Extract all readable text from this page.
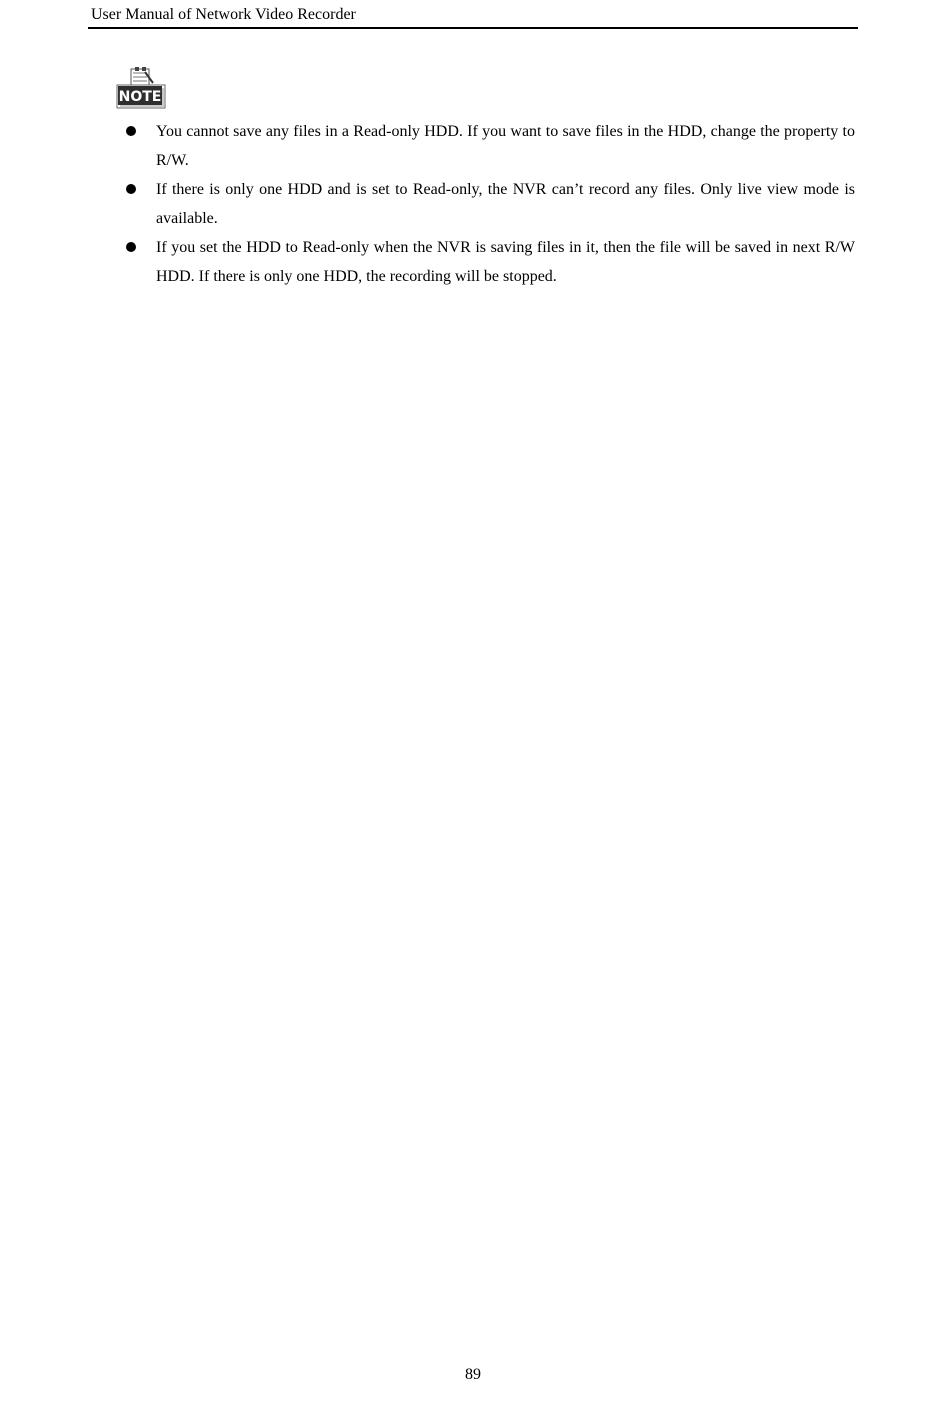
User Manual of Network Video Recorder
NOTE
You cannot save any files in a Read-only HDD. If you want to save files in the HDD, change the property to R/W.
If there is only one HDD and is set to Read-only, the NVR can’t record any files. Only live view mode is available.
If you set the HDD to Read-only when the NVR is saving files in it, then the file will be saved in next R/W HDD. If there is only one HDD, the recording will be stopped.
89
